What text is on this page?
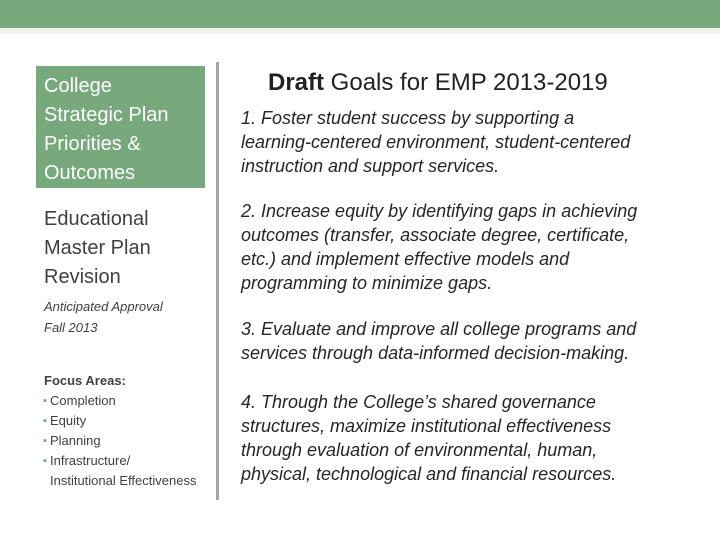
College
Strategic Plan
Priorities &
Outcomes
Educational
Master Plan
Revision
Anticipated Approval
Fall 2013
Focus Areas:
▪ Completion
▪ Equity
▪ Planning
▪ Infrastructure/
Institutional Effectiveness
Draft Goals for EMP 2013-2019
1. Foster student success by supporting a
learning-centered environment, student-centered
instruction and support services.
2. Increase equity by identifying gaps in achieving
outcomes (transfer, associate degree, certificate,
etc.) and implement effective models and
programming to minimize gaps.
3. Evaluate and improve all college programs and
services through data-informed decision-making.
4. Through the College’s shared governance
structures, maximize institutional effectiveness
through evaluation of environmental, human,
physical, technological and financial resources.
